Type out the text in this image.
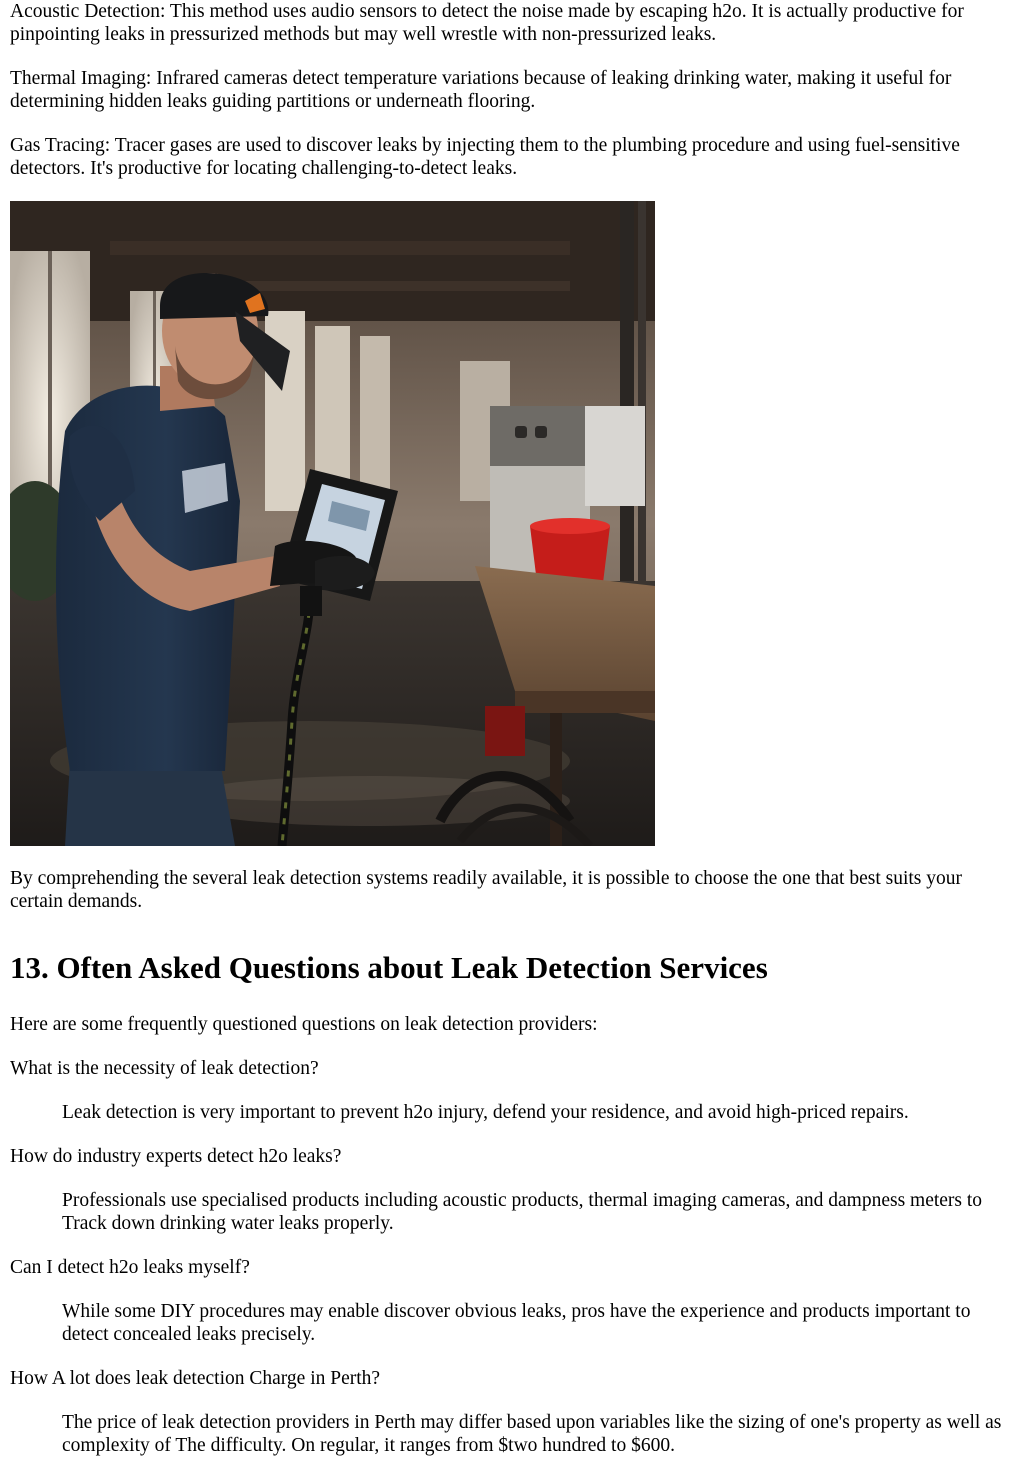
Acoustic Detection: This method uses audio sensors to detect the noise made by escaping h2o. It is actually productive for pinpointing leaks in pressurized methods but may well wrestle with non-pressurized leaks.

Thermal Imaging: Infrared cameras detect temperature variations because of leaking drinking water, making it useful for determining hidden leaks guiding partitions or underneath flooring.

Gas Tracing: Tracer gases are used to discover leaks by injecting them to the plumbing procedure and using fuel-sensitive detectors. It's productive for locating challenging-to-detect leaks.

By comprehending the several leak detection systems readily available, it is possible to choose the one that best suits your certain demands.

13. Often Asked Questions about Leak Detection Services

Here are some frequently questioned questions on leak detection providers:

What is the necessity of leak detection?

Leak detection is very important to prevent h2o injury, defend your residence, and avoid high-priced repairs.

How do industry experts detect h2o leaks?

Professionals use specialised products including acoustic products, thermal imaging cameras, and dampness meters to Track down drinking water leaks properly.

Can I detect h2o leaks myself?

While some DIY procedures may enable discover obvious leaks, pros have the experience and products important to detect concealed leaks precisely.

How A lot does leak detection Charge in Perth?

The price of leak detection providers in Perth may differ based upon variables like the sizing of one's property as well as complexity of The difficulty. On regular, it ranges from $two hundred to $600.
